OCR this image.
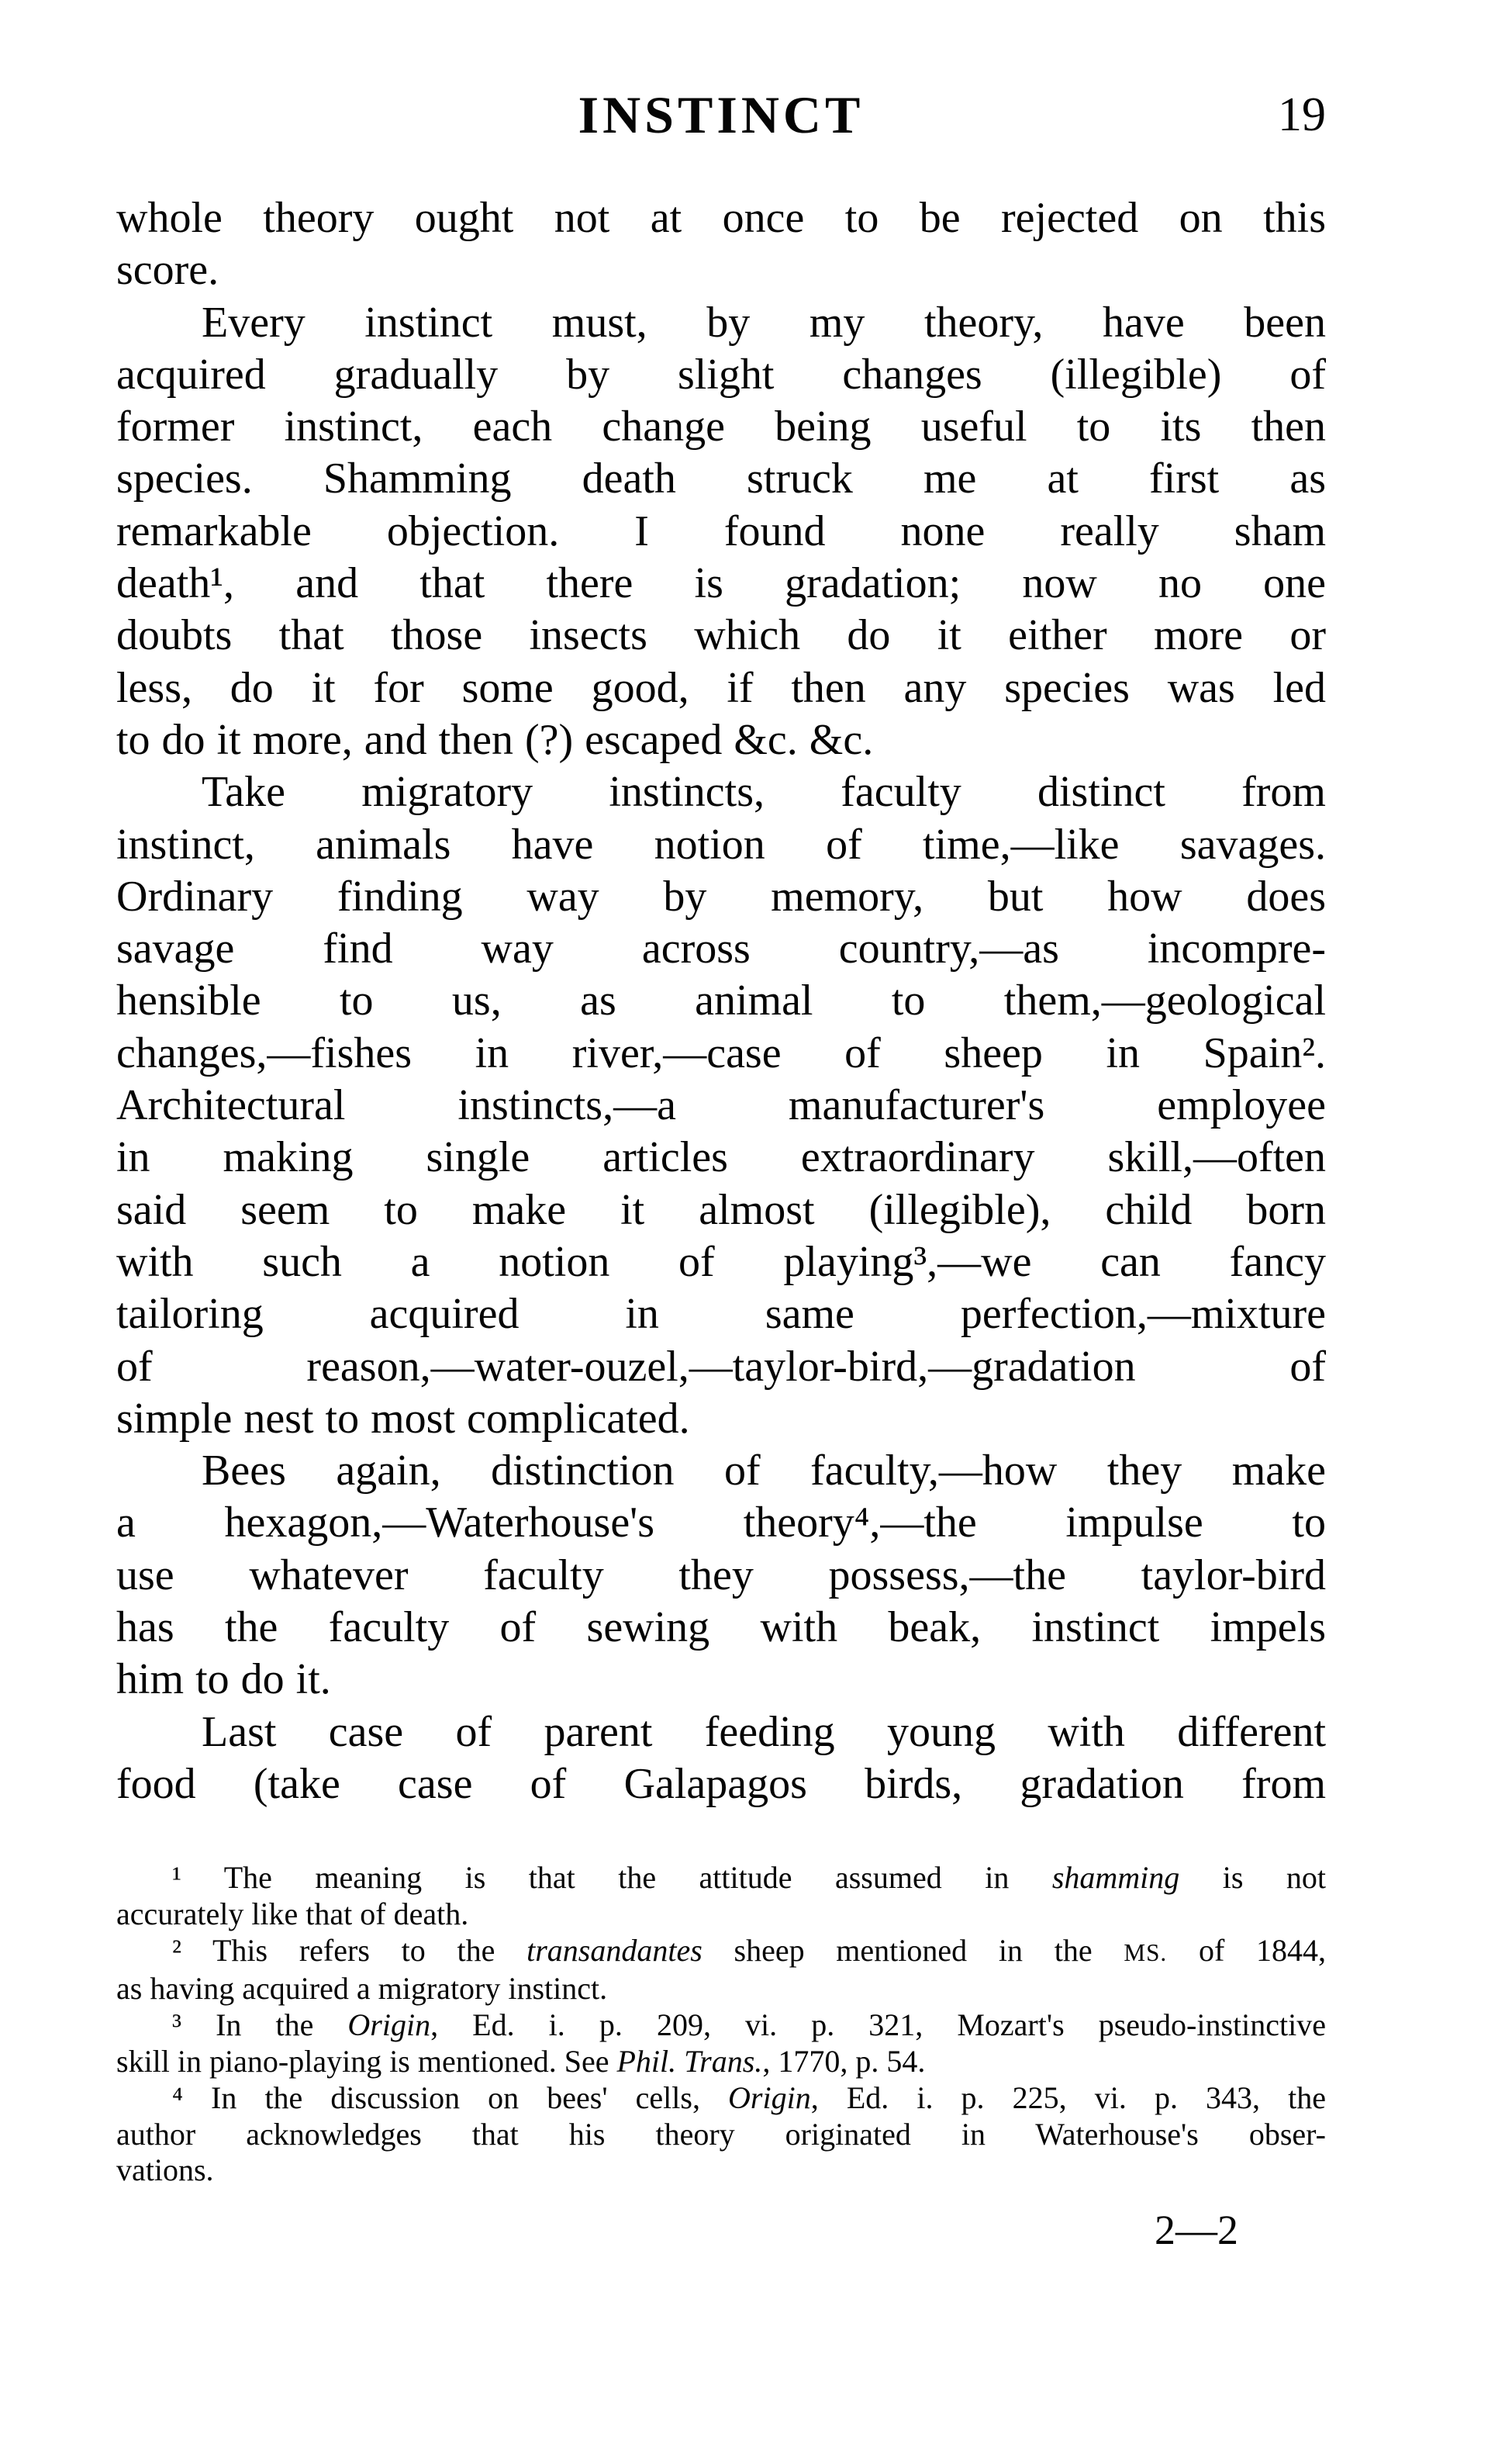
INSTINCT	19
whole theory ought not at once to be rejected on this
score.
Every instinct must, by my theory, have been
acquired gradually by slight changes (illegible) of
former instinct, each change being useful to its then
species. Shamming death struck me at first as
remarkable objection. I found none really sham
death¹, and that there is gradation; now no one
doubts that those insects which do it either more or
less, do it for some good, if then any species was led
to do it more, and then (?) escaped &c. &c.
Take migratory instincts, faculty distinct from
instinct, animals have notion of time,—like savages.
Ordinary finding way by memory, but how does
savage find way across country,—as incompre-
hensible to us, as animal to them,—geological
changes,—fishes in river,—case of sheep in Spain².
Architectural instincts,—a manufacturer's employee
in making single articles extraordinary skill,—often
said seem to make it almost (illegible), child born
with such a notion of playing³,—we can fancy
tailoring acquired in same perfection,—mixture
of reason,—water-ouzel,—taylor-bird,—gradation of
simple nest to most complicated.
Bees again, distinction of faculty,—how they make
a hexagon,—Waterhouse's theory⁴,—the impulse to
use whatever faculty they possess,—the taylor-bird
has the faculty of sewing with beak, instinct impels
him to do it.
Last case of parent feeding young with different
food (take case of Galapagos birds, gradation from
¹ The meaning is that the attitude assumed in shamming is not
accurately like that of death.
² This refers to the transandantes sheep mentioned in the MS. of 1844,
as having acquired a migratory instinct.
³ In the Origin, Ed. i. p. 209, vi. p. 321, Mozart's pseudo-instinctive
skill in piano-playing is mentioned. See Phil. Trans., 1770, p. 54.
⁴ In the discussion on bees' cells, Origin, Ed. i. p. 225, vi. p. 343, the
author acknowledges that his theory originated in Waterhouse's obser-
vations.
2—2
